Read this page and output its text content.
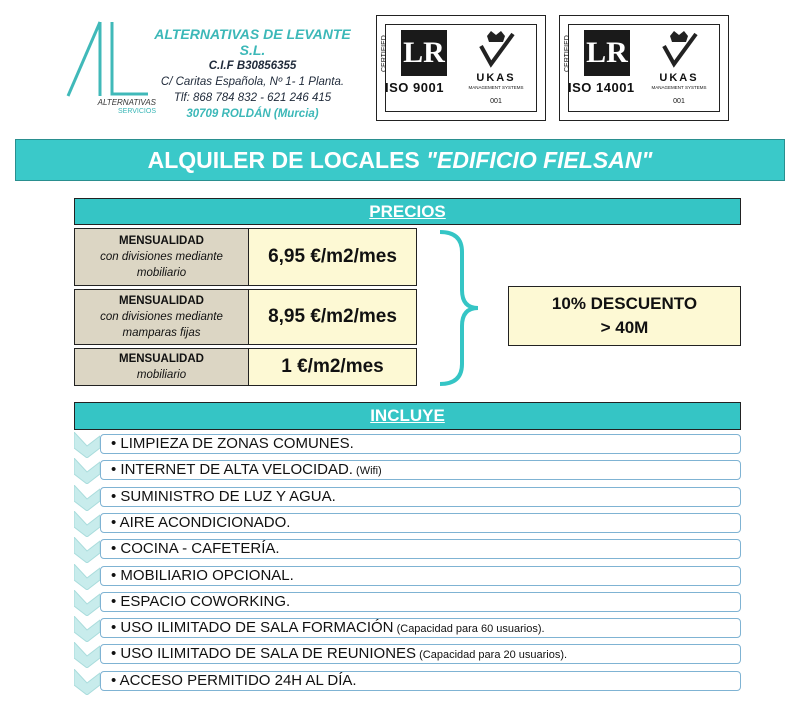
ALTERNATIVAS
SERVICIOS
ALTERNATIVAS DE LEVANTE S.L.
C.I.F B30856355
C/ Caritas Española, Nº 1- 1 Planta.
Tlf: 868 784 832 - 621 246 415
30709 ROLDÁN (Murcia)
CERTIFIED LR
ISO 9001
UKAS
MANAGEMENT SYSTEMS
001
CERTIFIED LR
ISO 14001
UKAS
MANAGEMENT SYSTEMS
001
ALQUILER DE LOCALES "EDIFICIO FIELSAN"
PRECIOS
MENSUALIDAD
con divisiones mediante mobiliario
6,95 €/m2/mes
MENSUALIDAD
con divisiones mediante mamparas fijas
8,95 €/m2/mes
MENSUALIDAD
mobiliario	1 €/m2/mes
10% DESCUENTO
> 40M
INCLUYE
• LIMPIEZA DE ZONAS COMUNES.
• INTERNET DE ALTA VELOCIDAD. (Wifi)
• SUMINISTRO DE LUZ Y AGUA.
• AIRE ACONDICIONADO.
• COCINA - CAFETERÍA.
• MOBILIARIO OPCIONAL.
• ESPACIO COWORKING.
• USO ILIMITADO DE SALA FORMACIÓN (Capacidad para 60 usuarios).
• USO ILIMITADO DE SALA DE REUNIONES (Capacidad para 20 usuarios).
• ACCESO PERMITIDO 24H AL DÍA.
